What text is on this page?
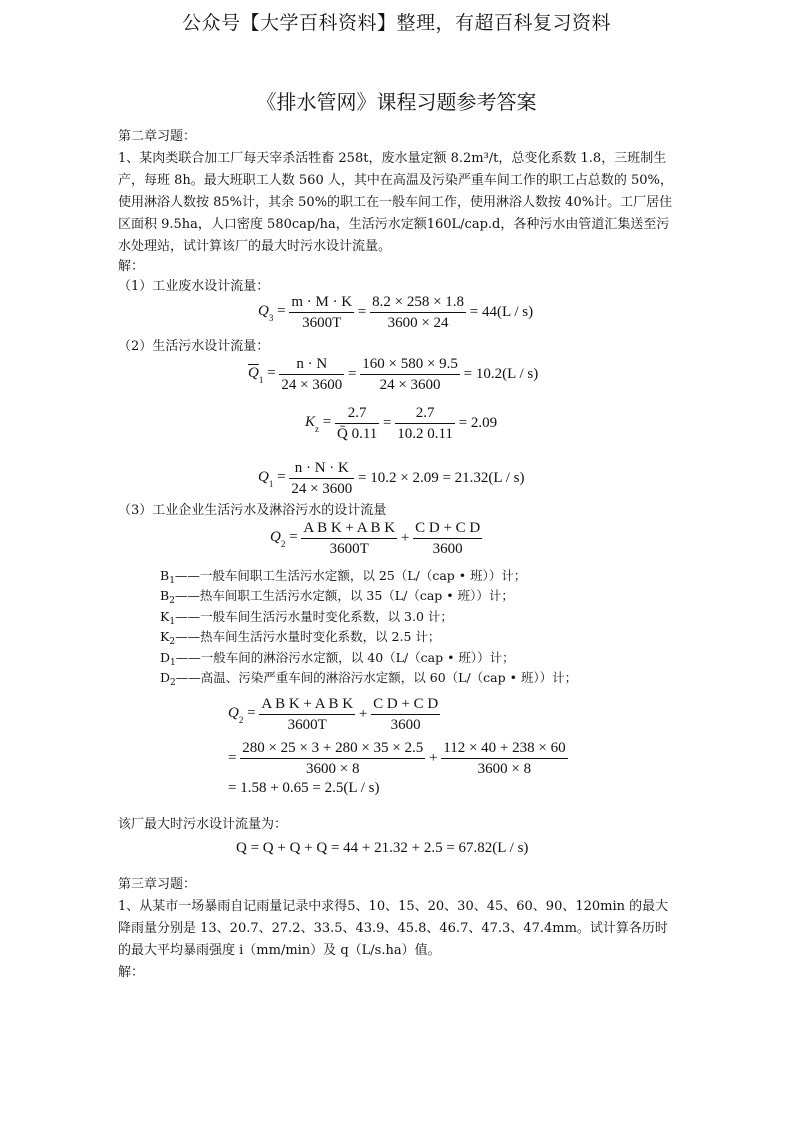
公众号【大学百科资料】整理，有超百科复习资料
《排水管网》课程习题参考答案
第二章习题：
1、某肉类联合加工厂每天宰杀活牲畜 258t，废水量定额 8.2m³/t，总变化系数 1.8，三班制生产，每班 8h。最大班职工人数 560 人，其中在高温及污染严重车间工作的职工占总数的 50%，使用淋浴人数按 85%计，其余 50%的职工在一般车间工作，使用淋浴人数按 40%计。工厂居住区面积 9.5ha，人口密度 580cap/ha，生活污水定额160L/cap.d，各种污水由管道汇集送至污水处理站，试计算该厂的最大时污水设计流量。
解：
（1）工业废水设计流量：
$Q_3 = \frac{m \cdot M \cdot K}{3600T} = \frac{8.2 \times 258 \times 1.8}{3600 \times 24}$
= 44(L / s)
（2）生活污水设计流量：
$\overline{Q}_1 = \frac{n \cdot N}{24 \times 3600} = \frac{160 \times 580 \times 9.5}{24 \times 3600}$
= 10.2(L / s)
$K_z = \frac{2.7}{Q̄ 0.11} = \frac{2.7}{10.2 0.11}$
= 2.09
$Q_1 = \frac{n \cdot N \cdot K}{24 \times 3600}$
= 10.2 × 2.09 = 21.32(L / s)
（3）工业企业生活污水及淋浴污水的设计流量
$Q_2 = \frac{\text{A B K + A B K}}{3600T} + \frac{\text{C D + C D}}{3600}$
$B_1——$一般车间职工生活污水定额，以 25（L/（cap • 班））计；
$B_2——$热车间职工生活污水定额，以 35（L/（cap • 班））计；
$K_1——$一般车间生活污水量时变化系数，以 3.0 计；
$K_2——$热车间生活污水量时变化系数，以 2.5 计；
$D_1——$一般车间的淋浴污水定额，以 40（L/（cap • 班））计；
$D_2——$高温、污染严重车间的淋浴污水定额，以 60（L/（cap • 班））计；
$Q_2 = \frac{\text{A B K + A B K}}{3600T} + \frac{\text{C D + C D}}{3600}$
= $\frac{280 \times 25 \times 3 + 280 \times 35 \times 2.5}{3600 \times 8} + \frac{112 \times 40 + 238 \times 60}{3600 \times 8}$
= 1.58 + 0.65 = 2.5(L / s)
该厂最大时污水设计流量为：
Q = Q + Q + Q = 44 + 21.32 + 2.5 = 67.82(L / s)
第三章习题：
1、从某市一场暴雨自记雨量记录中求得5、10、15、20、30、45、60、90、120min 的最大降雨量分别是 13、20.7、27.2、33.5、43.9、45.8、46.7、47.3、47.4mm。试计算各历时的最大平均暴雨强度 i（mm/min）及 q（L/s.ha）值。
解：
